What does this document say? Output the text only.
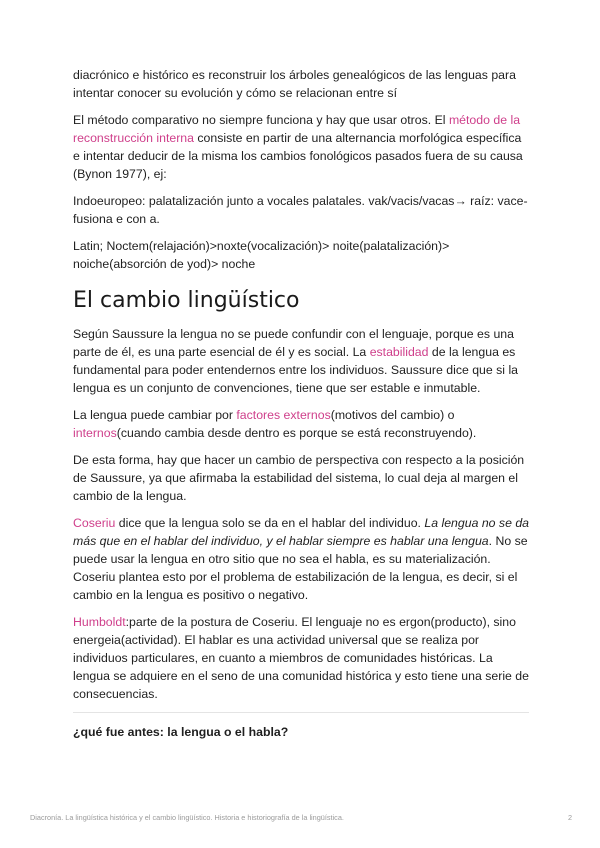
diacrónico e histórico es reconstruir los árboles genealógicos de las lenguas para intentar conocer su evolución y cómo se relacionan entre sí

El método comparativo no siempre funciona y hay que usar otros. El método de la reconstrucción interna consiste en partir de una alternancia morfológica específica e intentar deducir de la misma los cambios fonológicos pasados fuera de su causa (Bynon 1977), ej:

Indoeuropeo: palatalización junto a vocales palatales. vak/vacis/vacas→ raíz: vace- fusiona e con a.

Latin; Noctem(relajación)>noxte(vocalización)> noite(palatalización)> noiche(absorción de yod)> noche

El cambio lingüístico

Según Saussure la lengua no se puede confundir con el lenguaje, porque es una parte de él, es una parte esencial de él y es social. La estabilidad de la lengua es fundamental para poder entendernos entre los individuos. Saussure dice que si la lengua es un conjunto de convenciones, tiene que ser estable e inmutable.

La lengua puede cambiar por factores externos(motivos del cambio) o internos(cuando cambia desde dentro es porque se está reconstruyendo).

De esta forma, hay que hacer un cambio de perspectiva con respecto a la posición de Saussure, ya que afirmaba la estabilidad del sistema, lo cual deja al margen el cambio de la lengua.

Coseriu dice que la lengua solo se da en el hablar del individuo. La lengua no se da más que en el hablar del individuo, y el hablar siempre es hablar una lengua. No se puede usar la lengua en otro sitio que no sea el habla, es su materialización. Coseriu plantea esto por el problema de estabilización de la lengua, es decir, si el cambio en la lengua es positivo o negativo.

Humboldt:parte de la postura de Coseriu. El lenguaje no es ergon(producto), sino energeia(actividad). El hablar es una actividad universal que se realiza por individuos particulares, en cuanto a miembros de comunidades históricas. La lengua se adquiere en el seno de una comunidad histórica y esto tiene una serie de consecuencias.

¿qué fue antes: la lengua o el habla?

Diacronía. La lingüística histórica y el cambio lingüístico. Historia e historiografía de la lingüística.	2
